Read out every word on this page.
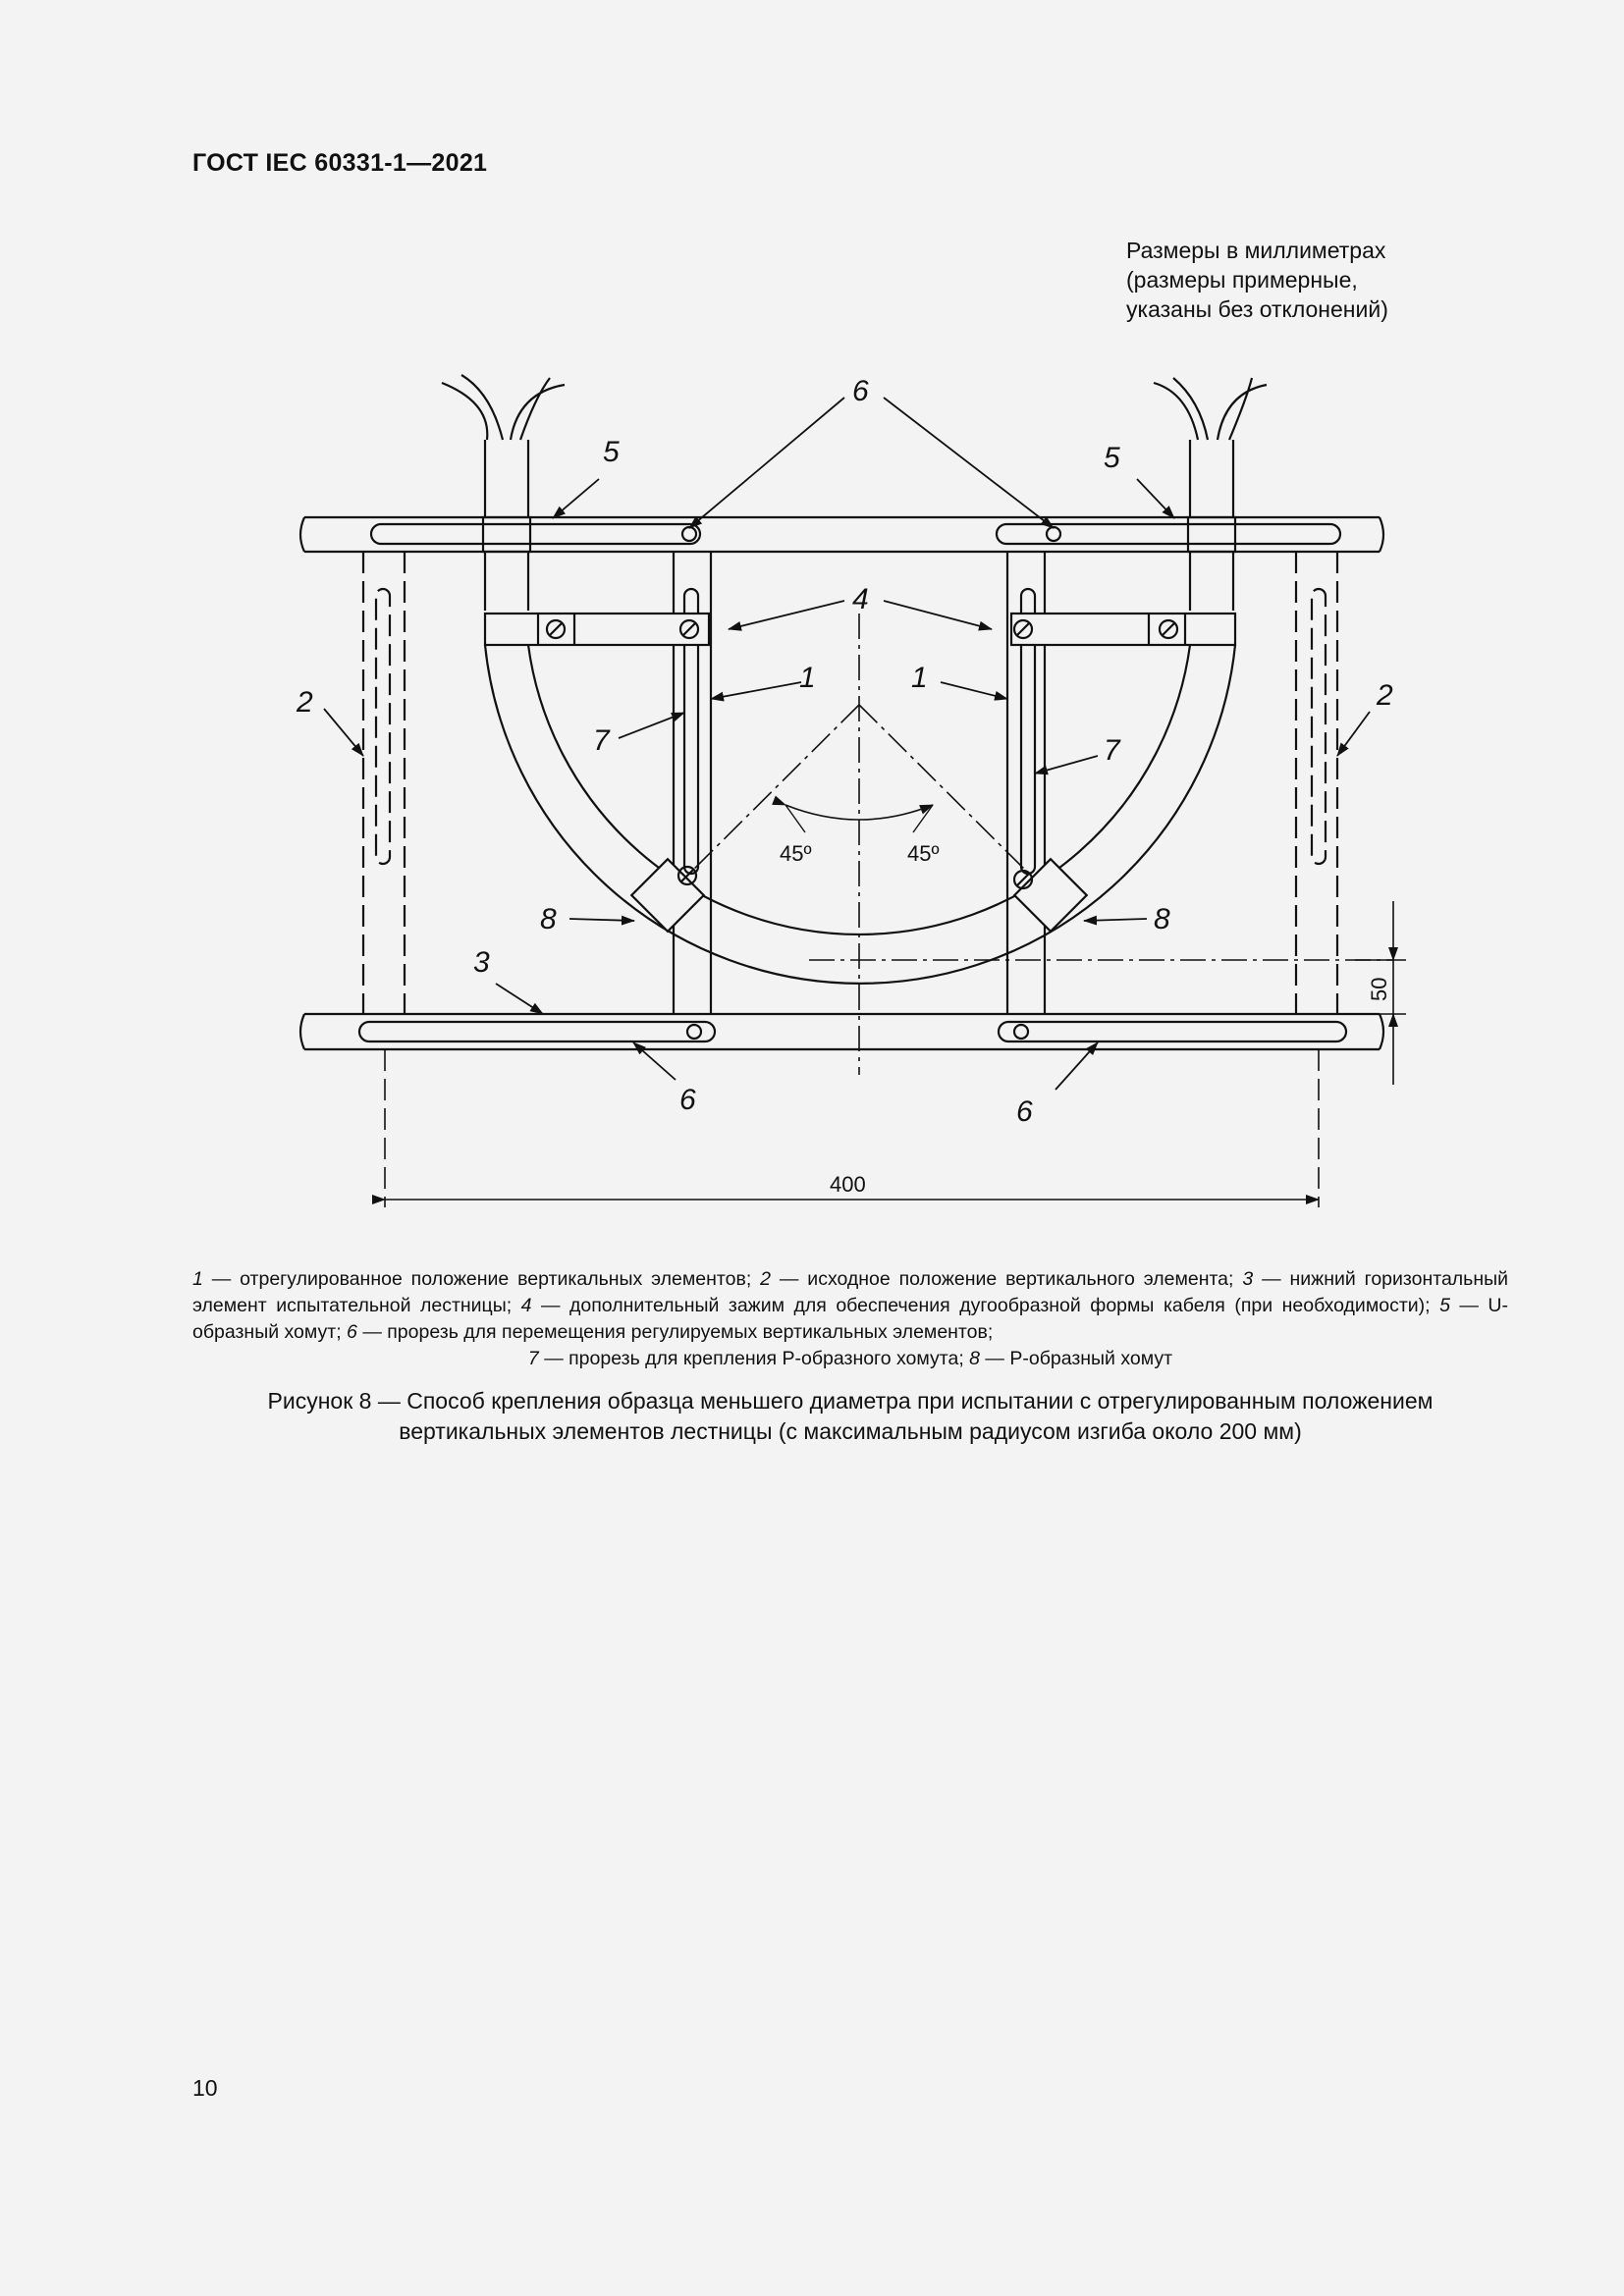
ГОСТ IEC 60331-1—2021
Размеры в миллиметрах
(размеры примерные,
указаны без отклонений)
6
5	5
4
1	1
2	2
7	7
8	8
3
6	6
45º	45º
400
50
1 — отрегулированное положение вертикальных элементов; 2 — исходное положение вертикального элемента; 3 — нижний горизонтальный элемент испытательной лестницы; 4 — дополнительный зажим для обеспечения дугообразной формы кабеля (при необходимости); 5 — U-образный хомут; 6 — прорезь для перемещения регулируемых вертикальных элементов;
7 — прорезь для крепления Р-образного хомута; 8 — Р-образный хомут
Рисунок 8 — Способ крепления образца меньшего диаметра при испытании с отрегулированным положением
вертикальных элементов лестницы (с максимальным радиусом изгиба около 200 мм)
10
